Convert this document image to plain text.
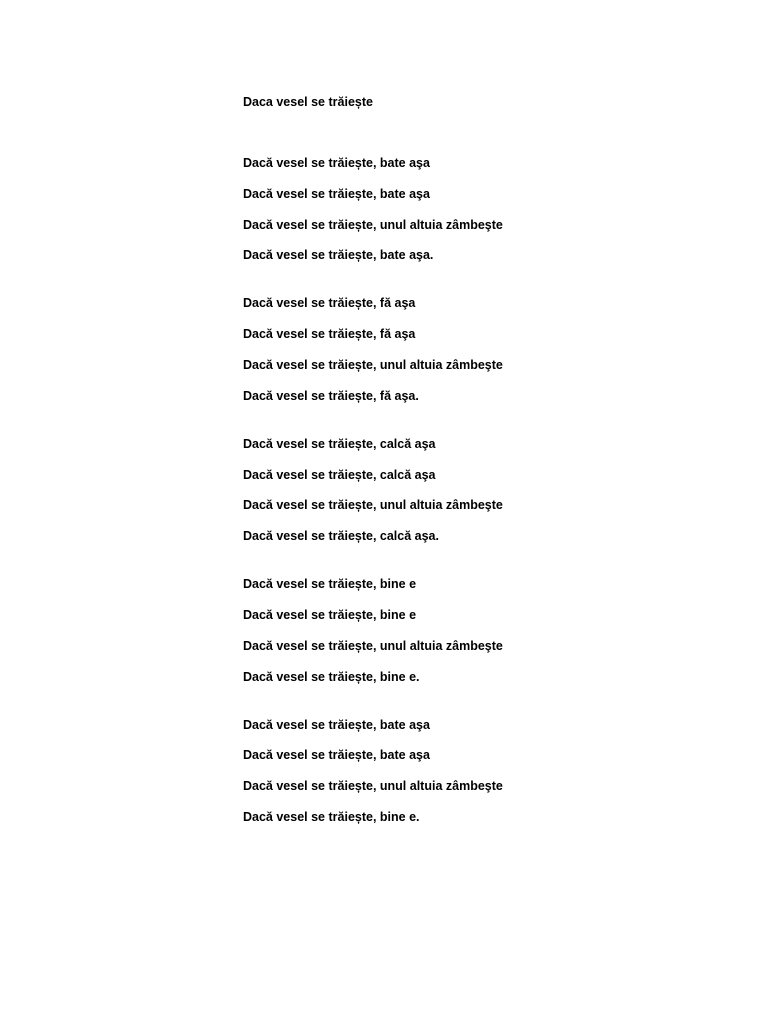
Daca vesel se trăiește
Dacă vesel se trăiește, bate aşa
Dacă vesel se trăiește, bate aşa
Dacă vesel se trăiește, unul altuia zâmbeşte
Dacă vesel se trăiește, bate aşa.
Dacă vesel se trăiește, fă aşa
Dacă vesel se trăiește, fă aşa
Dacă vesel se trăiește, unul altuia zâmbeşte
Dacă vesel se trăiește, fă aşa.
Dacă vesel se trăiește, calcă aşa
Dacă vesel se trăiește, calcă aşa
Dacă vesel se trăiește, unul altuia zâmbeşte
Dacă vesel se trăiește, calcă aşa.
Dacă vesel se trăiește, bine e
Dacă vesel se trăiește, bine e
Dacă vesel se trăiește, unul altuia zâmbeşte
Dacă vesel se trăiește, bine e.
Dacă vesel se trăiește, bate aşa
Dacă vesel se trăiește, bate aşa
Dacă vesel se trăiește, unul altuia zâmbeşte
Dacă vesel se trăiește, bine e.
